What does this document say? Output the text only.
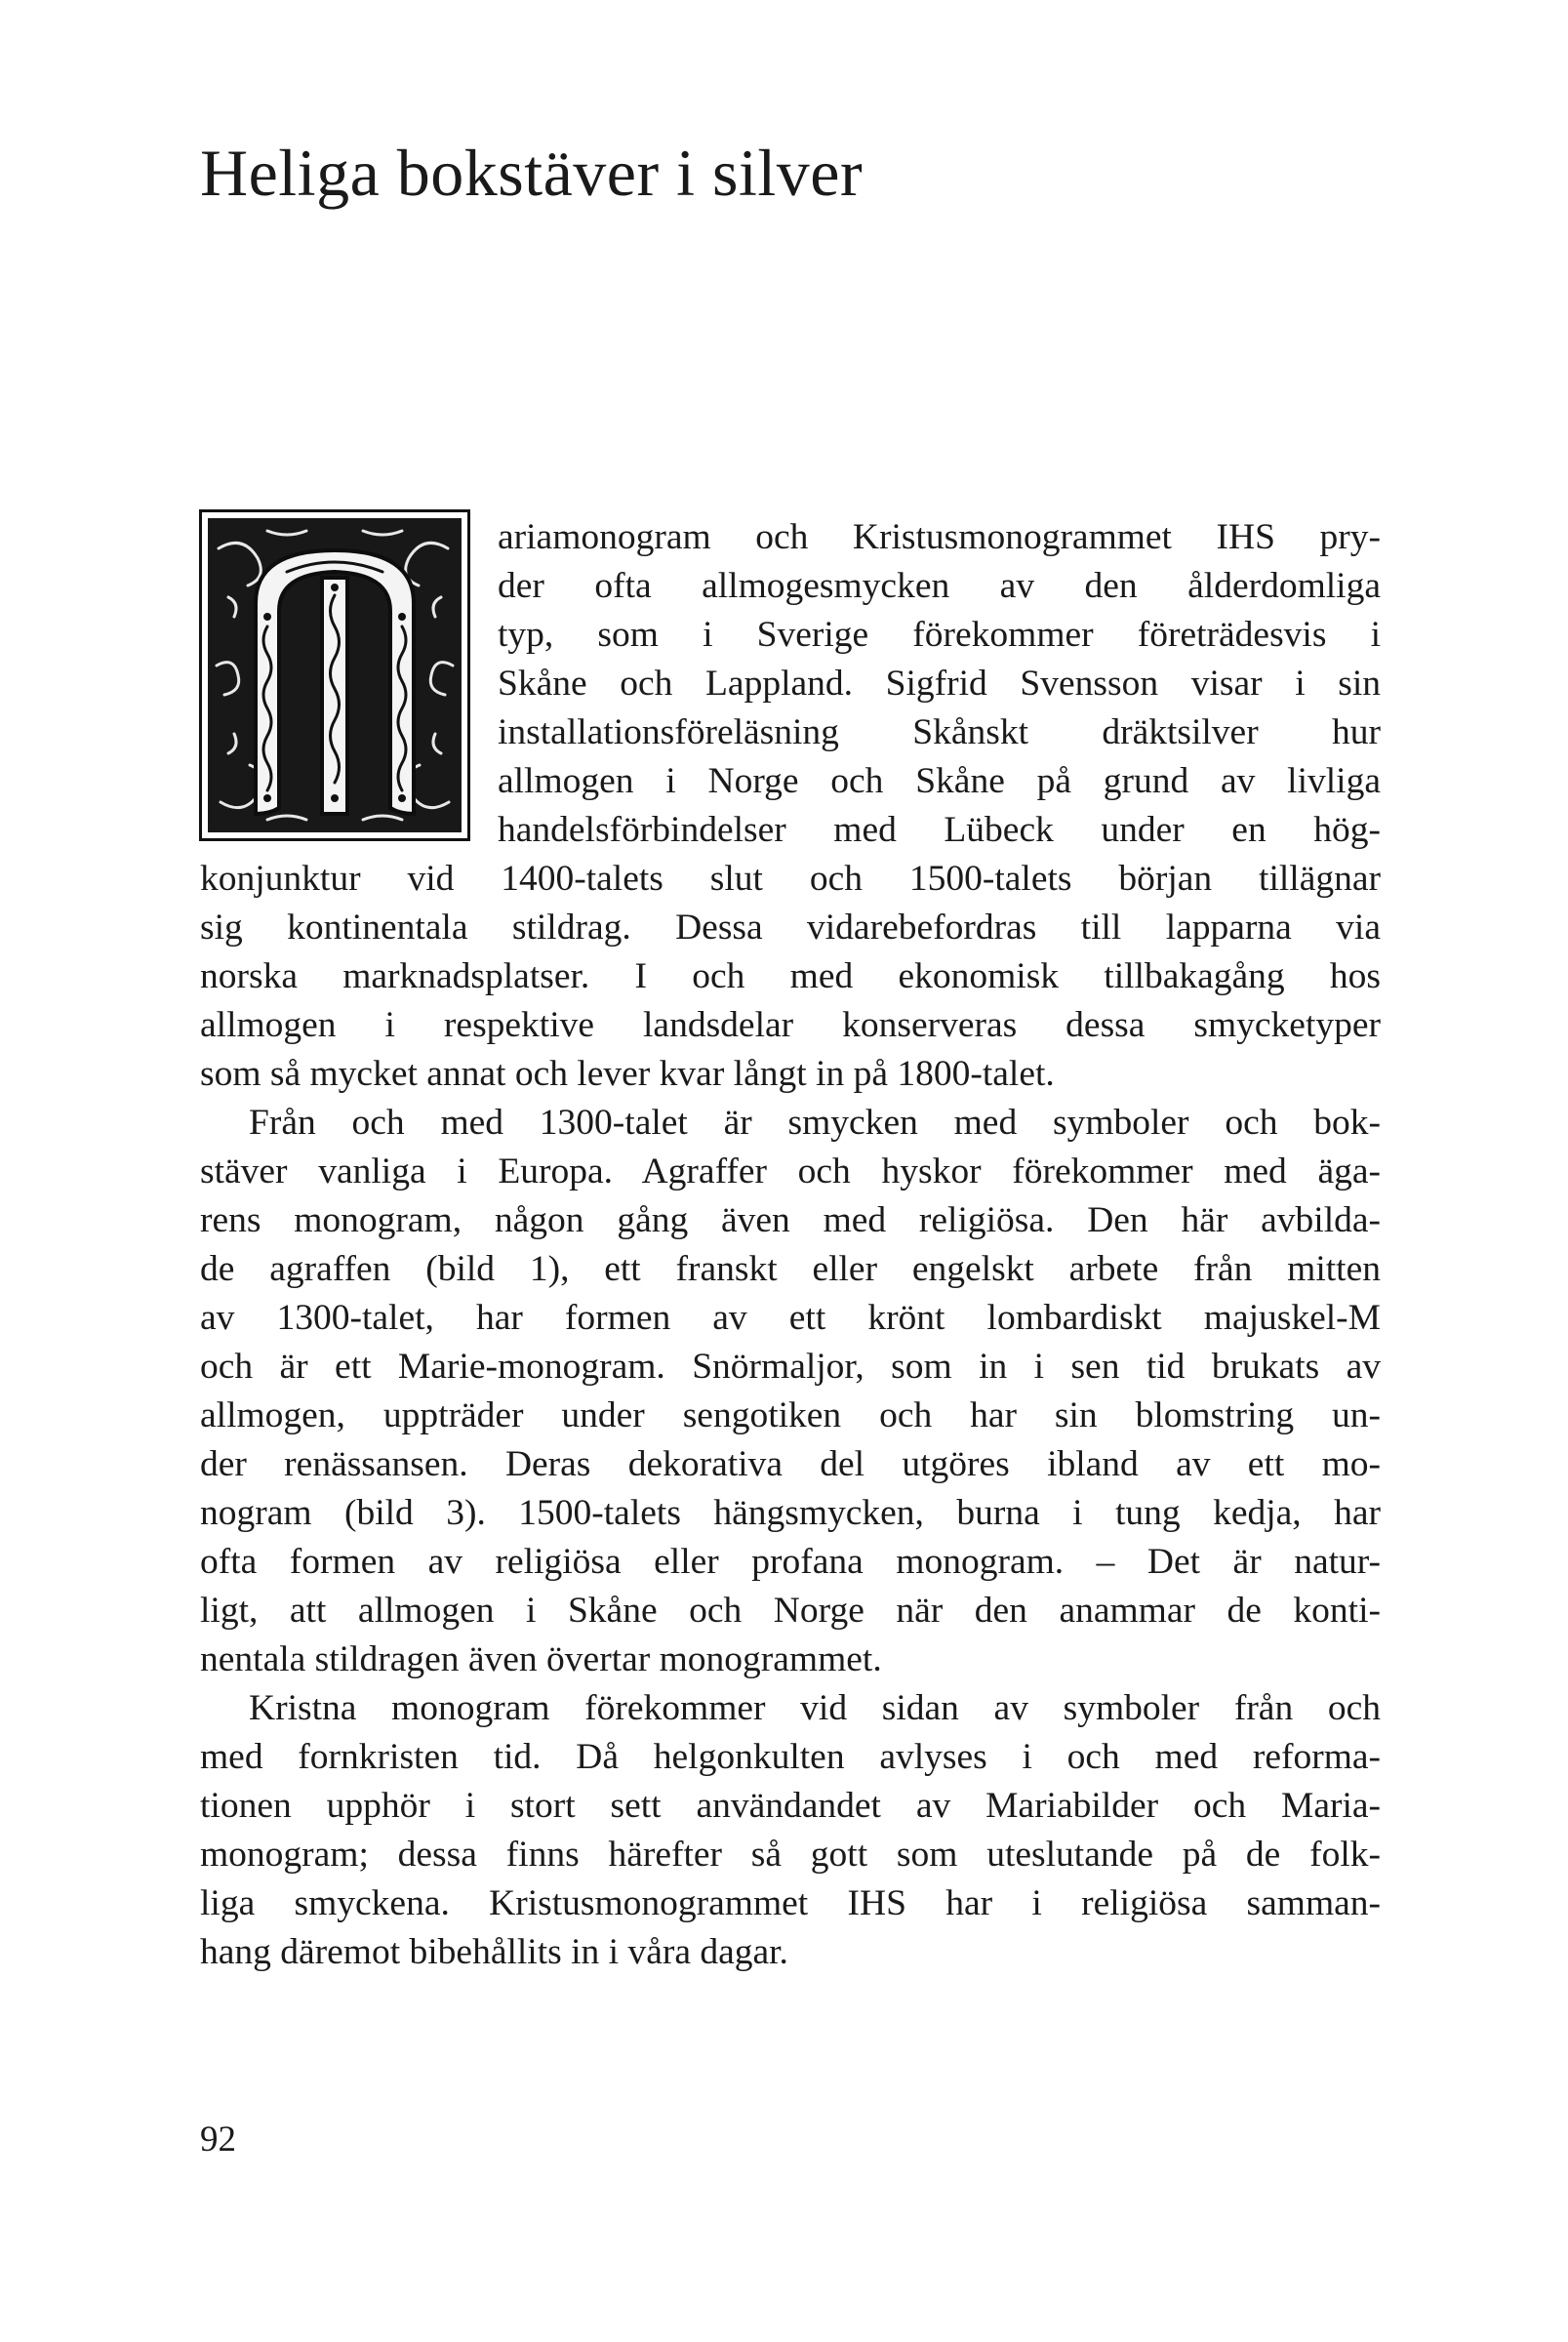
Heliga bokstäver i silver
ariamonogram och Kristusmonogrammet IHS pry-
der ofta allmogesmycken av den ålderdomliga
typ, som i Sverige förekommer företrädesvis i
Skåne och Lappland. Sigfrid Svensson visar i sin
installationsföreläsning Skånskt dräktsilver hur
allmogen i Norge och Skåne på grund av livliga
handelsförbindelser med Lübeck under en hög-
konjunktur vid 1400-talets slut och 1500-talets början tillägnar
sig kontinentala stildrag. Dessa vidarebefordras till lapparna via
norska marknadsplatser. I och med ekonomisk tillbakagång hos
allmogen i respektive landsdelar konserveras dessa smycketyper
som så mycket annat och lever kvar långt in på 1800-talet.
Från och med 1300-talet är smycken med symboler och bok-
stäver vanliga i Europa. Agraffer och hyskor förekommer med äga-
rens monogram, någon gång även med religiösa. Den här avbilda-
de agraffen (bild 1), ett franskt eller engelskt arbete från mitten
av 1300-talet, har formen av ett krönt lombardiskt majuskel-M
och är ett Marie-monogram. Snörmaljor, som in i sen tid brukats av
allmogen, uppträder under sengotiken och har sin blomstring un-
der renässansen. Deras dekorativa del utgöres ibland av ett mo-
nogram (bild 3). 1500-talets hängsmycken, burna i tung kedja, har
ofta formen av religiösa eller profana monogram. – Det är natur-
ligt, att allmogen i Skåne och Norge när den anammar de konti-
nentala stildragen även övertar monogrammet.
Kristna monogram förekommer vid sidan av symboler från och
med fornkristen tid. Då helgonkulten avlyses i och med reforma-
tionen upphör i stort sett användandet av Mariabilder och Maria-
monogram; dessa finns härefter så gott som uteslutande på de folk-
liga smyckena. Kristusmonogrammet IHS har i religiösa samman-
hang däremot bibehållits in i våra dagar.
92
